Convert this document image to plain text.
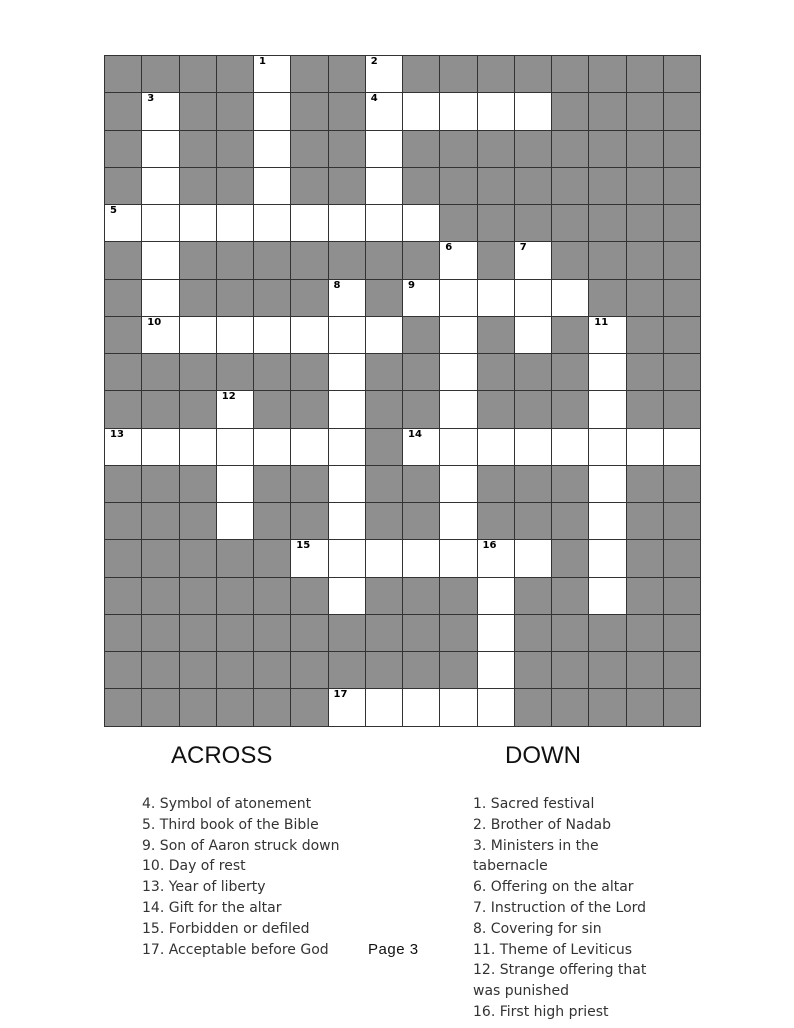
1	2
3	4
5
6	7
8	9
10	11
12
13	14
15	16
17
ACROSS	DOWN
4. Symbol of atonement
5. Third book of the Bible
9. Son of Aaron struck down
10. Day of rest
13. Year of liberty
14. Gift for the altar
15. Forbidden or defiled
17. Acceptable before God
1. Sacred festival
2. Brother of Nadab
3. Ministers in the tabernacle
6. Offering on the altar
7. Instruction of the Lord
8. Covering for sin
11. Theme of Leviticus
12. Strange offering that was punished
16. First high priest
Page 3
